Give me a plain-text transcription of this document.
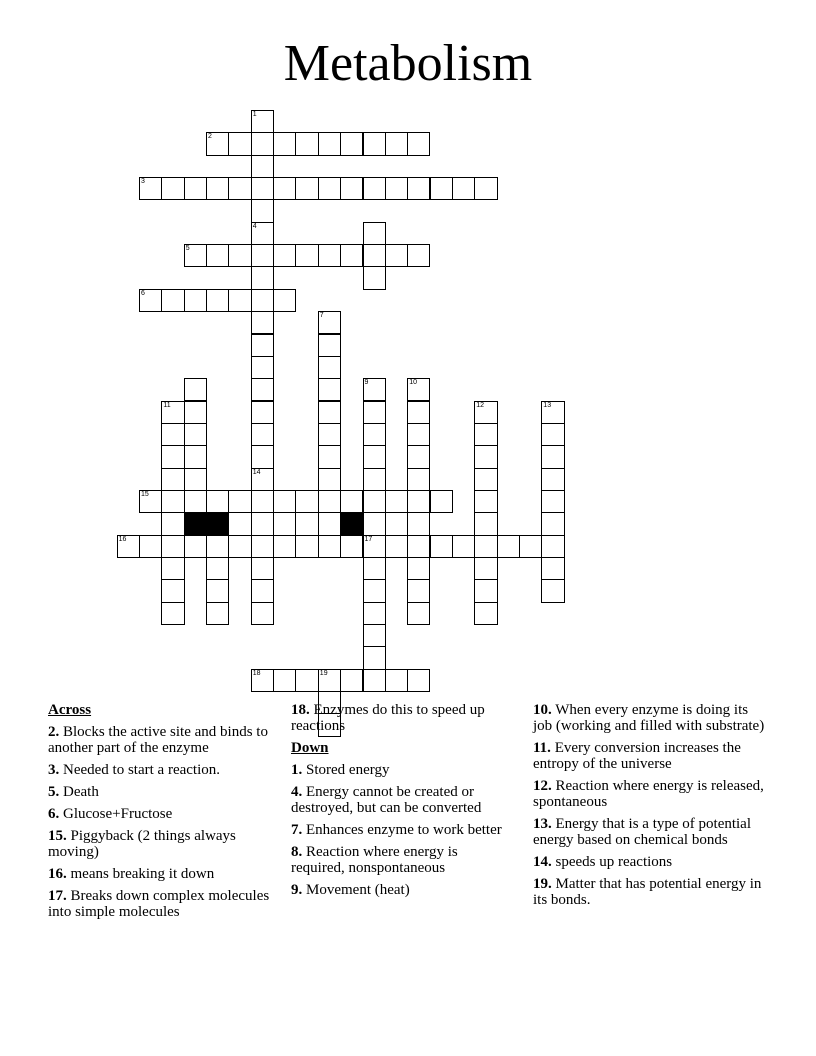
Metabolism
1
2
3
4
5
6
7
9	10
11	12	13
14
15
16	17
18	19
Across
2. Blocks the active site and binds to another part of the enzyme
3. Needed to start a reaction.
5. Death
6. Glucose+Fructose
15. Piggyback (2 things always moving)
16. means breaking it down
17. Breaks down complex molecules into simple molecules
18. Enzymes do this to speed up reactions
Down
1. Stored energy
4. Energy cannot be created or destroyed, but can be converted
7. Enhances enzyme to work better
8. Reaction where energy is required, nonspontaneous
9. Movement (heat)
10. When every enzyme is doing its job (working and filled with substrate)
11. Every conversion increases the entropy of the universe
12. Reaction where energy is released, spontaneous
13. Energy that is a type of potential energy based on chemical bonds
14. speeds up reactions
19. Matter that has potential energy in its bonds.
